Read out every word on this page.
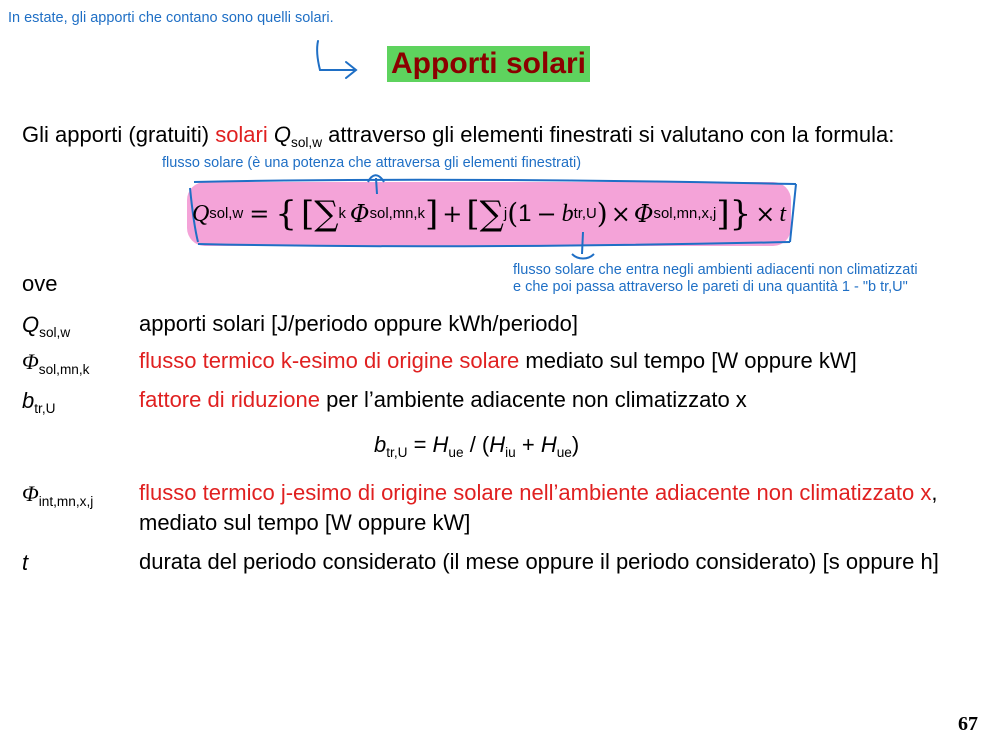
In estate, gli apporti che contano sono quelli solari.
Apporti solari
Gli apporti (gratuiti) solari $Q_{sol,w}$ attraverso gli elementi finestrati si valutano con la formula:
flusso solare (è una potenza che attraversa gli elementi finestrati)
Q sol,w = { [ ∑ k Φ sol,mn,k ] + [ ∑ j ( 1 − b tr,U ) × Φ sol,mn,x,j ] } × t
flusso solare che entra negli ambienti adiacenti non climatizzati
e che poi passa attraverso le pareti di una quantità 1 - "b tr,U"
ove
$Q_{sol,w}$	apporti solari [J/periodo oppure kWh/periodo]
$\Phi_{sol,mn,k}$ flusso termico k-esimo di origine solare mediato sul tempo [W oppure kW]
$b_{tr,U}$	fattore di riduzione per l’ambiente adiacente non climatizzato x
$b_{tr,U} = H_{ue} / (H_{iu} + H_{ue})$
$\Phi_{int,mn,x,j}$ flusso termico j-esimo di origine solare nell’ambiente adiacente non climatizzato x, mediato sul tempo [W oppure kW]
t	durata del periodo considerato (il mese oppure il periodo considerato) [s oppure h]
67
